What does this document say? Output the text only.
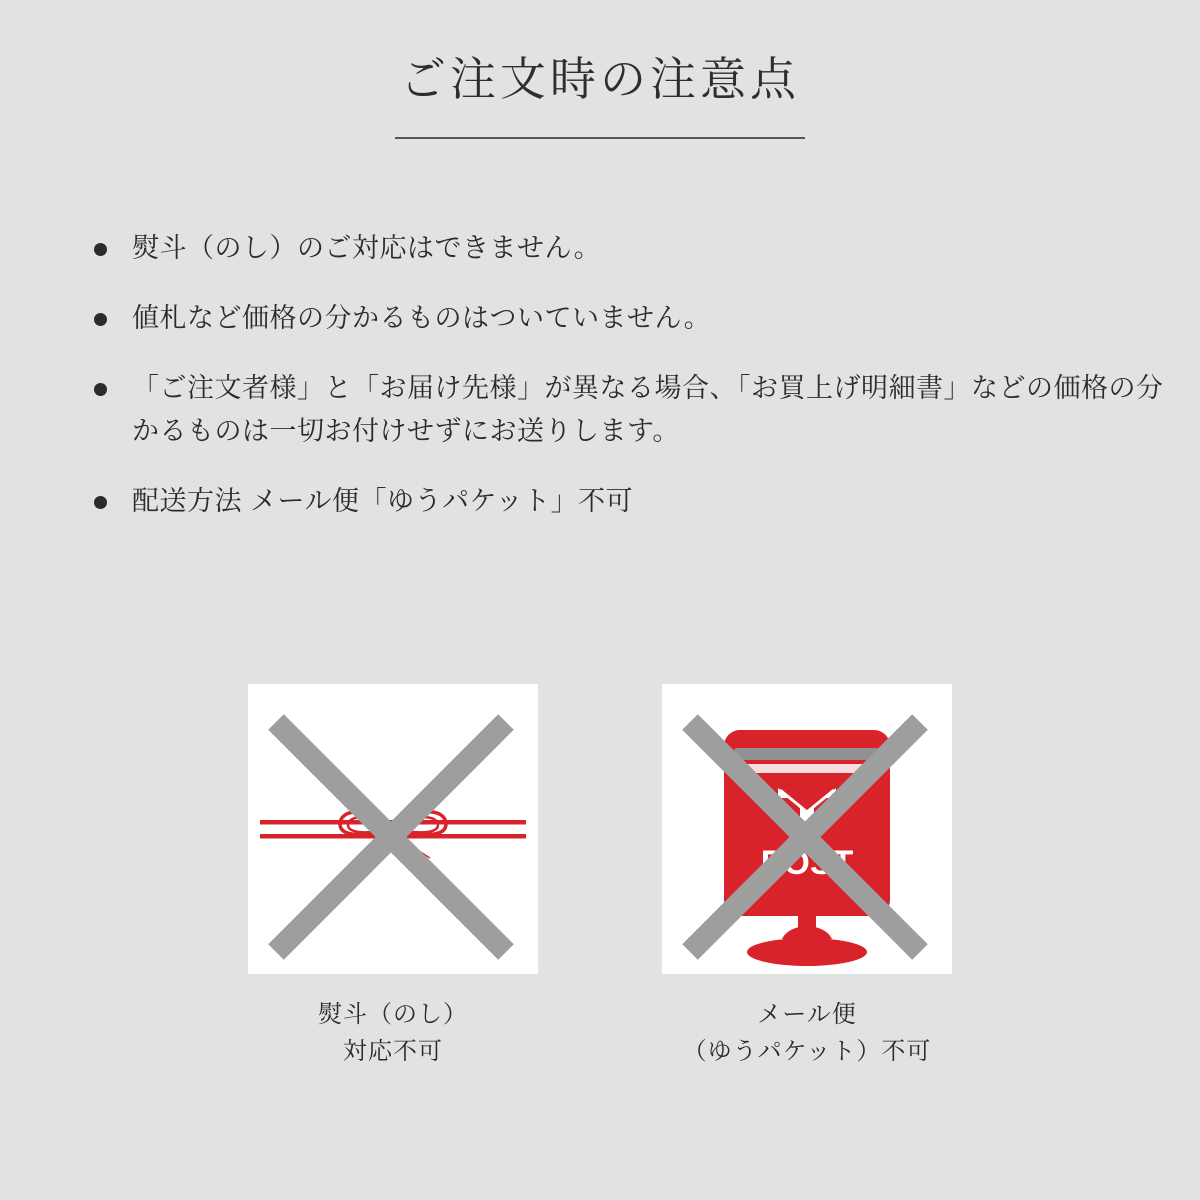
ご注文時の注意点
熨斗（のし）のご対応はできません。
値札など価格の分かるものはついていません。
「ご注文者様」と「お届け先様」が異なる場合、「お買上げ明細書」などの価格の分かるものは一切お付けせずにお送りします。
配送方法 メール便「ゆうパケット」不可
熨斗（のし）
対応不可
POST
メール便
（ゆうパケット）不可
